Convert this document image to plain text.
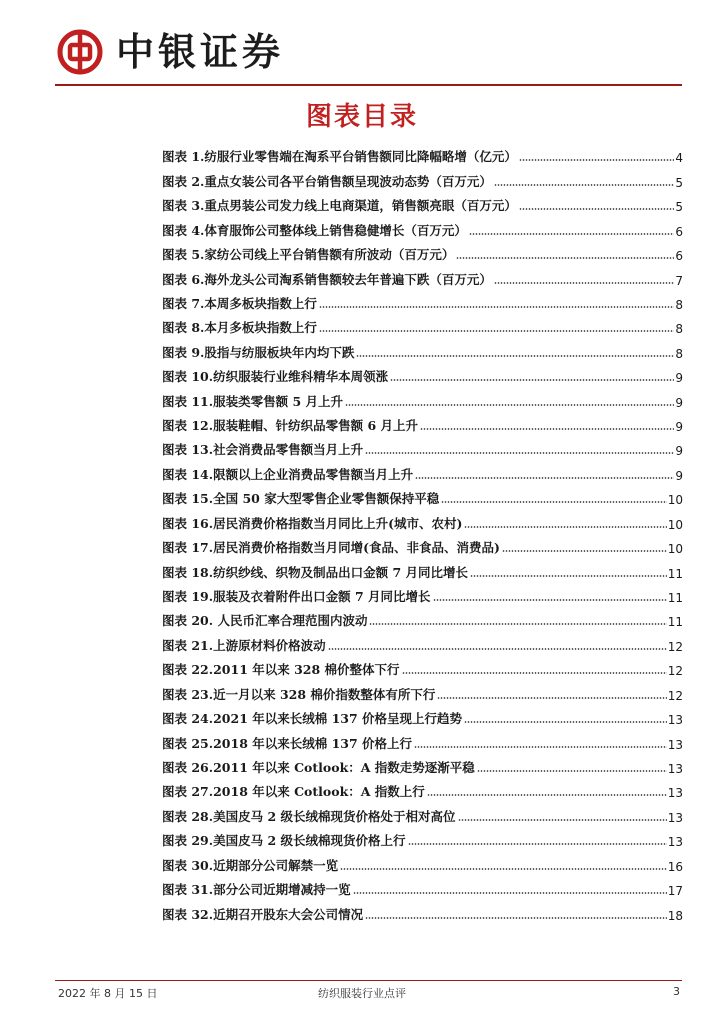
中银证券
图表目录
图表 1.纺服行业零售端在淘系平台销售额同比降幅略增（亿元）	4
图表 2.重点女装公司各平台销售额呈现波动态势（百万元）	5
图表 3.重点男装公司发力线上电商渠道，销售额亮眼（百万元）	5
图表 4.体育服饰公司整体线上销售稳健增长（百万元）	6
图表 5.家纺公司线上平台销售额有所波动（百万元）	6
图表 6.海外龙头公司淘系销售额较去年普遍下跌（百万元）	7
图表 7.本周多板块指数上行	8
图表 8.本月多板块指数上行	8
图表 9.股指与纺服板块年内均下跌	8
图表 10.纺织服装行业维科精华本周领涨	9
图表 11.服装类零售额 5 月上升	9
图表 12.服装鞋帽、针纺织品零售额 6 月上升	9
图表 13.社会消费品零售额当月上升	9
图表 14.限额以上企业消费品零售额当月上升	9
图表 15.全国 50 家大型零售企业零售额保持平稳	10
图表 16.居民消费价格指数当月同比上升(城市、农村)	10
图表 17.居民消费价格指数当月同增(食品、非食品、消费品)	10
图表 18.纺织纱线、织物及制品出口金额 7 月同比增长	11
图表 19.服装及衣着附件出口金额 7 月同比增长	11
图表 20. 人民币汇率合理范围内波动	11
图表 21.上游原材料价格波动	12
图表 22.2011 年以来 328 棉价整体下行	12
图表 23.近一月以来 328 棉价指数整体有所下行	12
图表 24.2021 年以来长绒棉 137 价格呈现上行趋势	13
图表 25.2018 年以来长绒棉 137 价格上行	13
图表 26.2011 年以来 Cotlook：A 指数走势逐渐平稳	13
图表 27.2018 年以来 Cotlook：A 指数上行	13
图表 28.美国皮马 2 级长绒棉现货价格处于相对高位	13
图表 29.美国皮马 2 级长绒棉现货价格上行	13
图表 30.近期部分公司解禁一览	16
图表 31.部分公司近期增减持一览	17
图表 32.近期召开股东大会公司情况	18
2022 年 8 月 15 日	纺织服装行业点评	3
